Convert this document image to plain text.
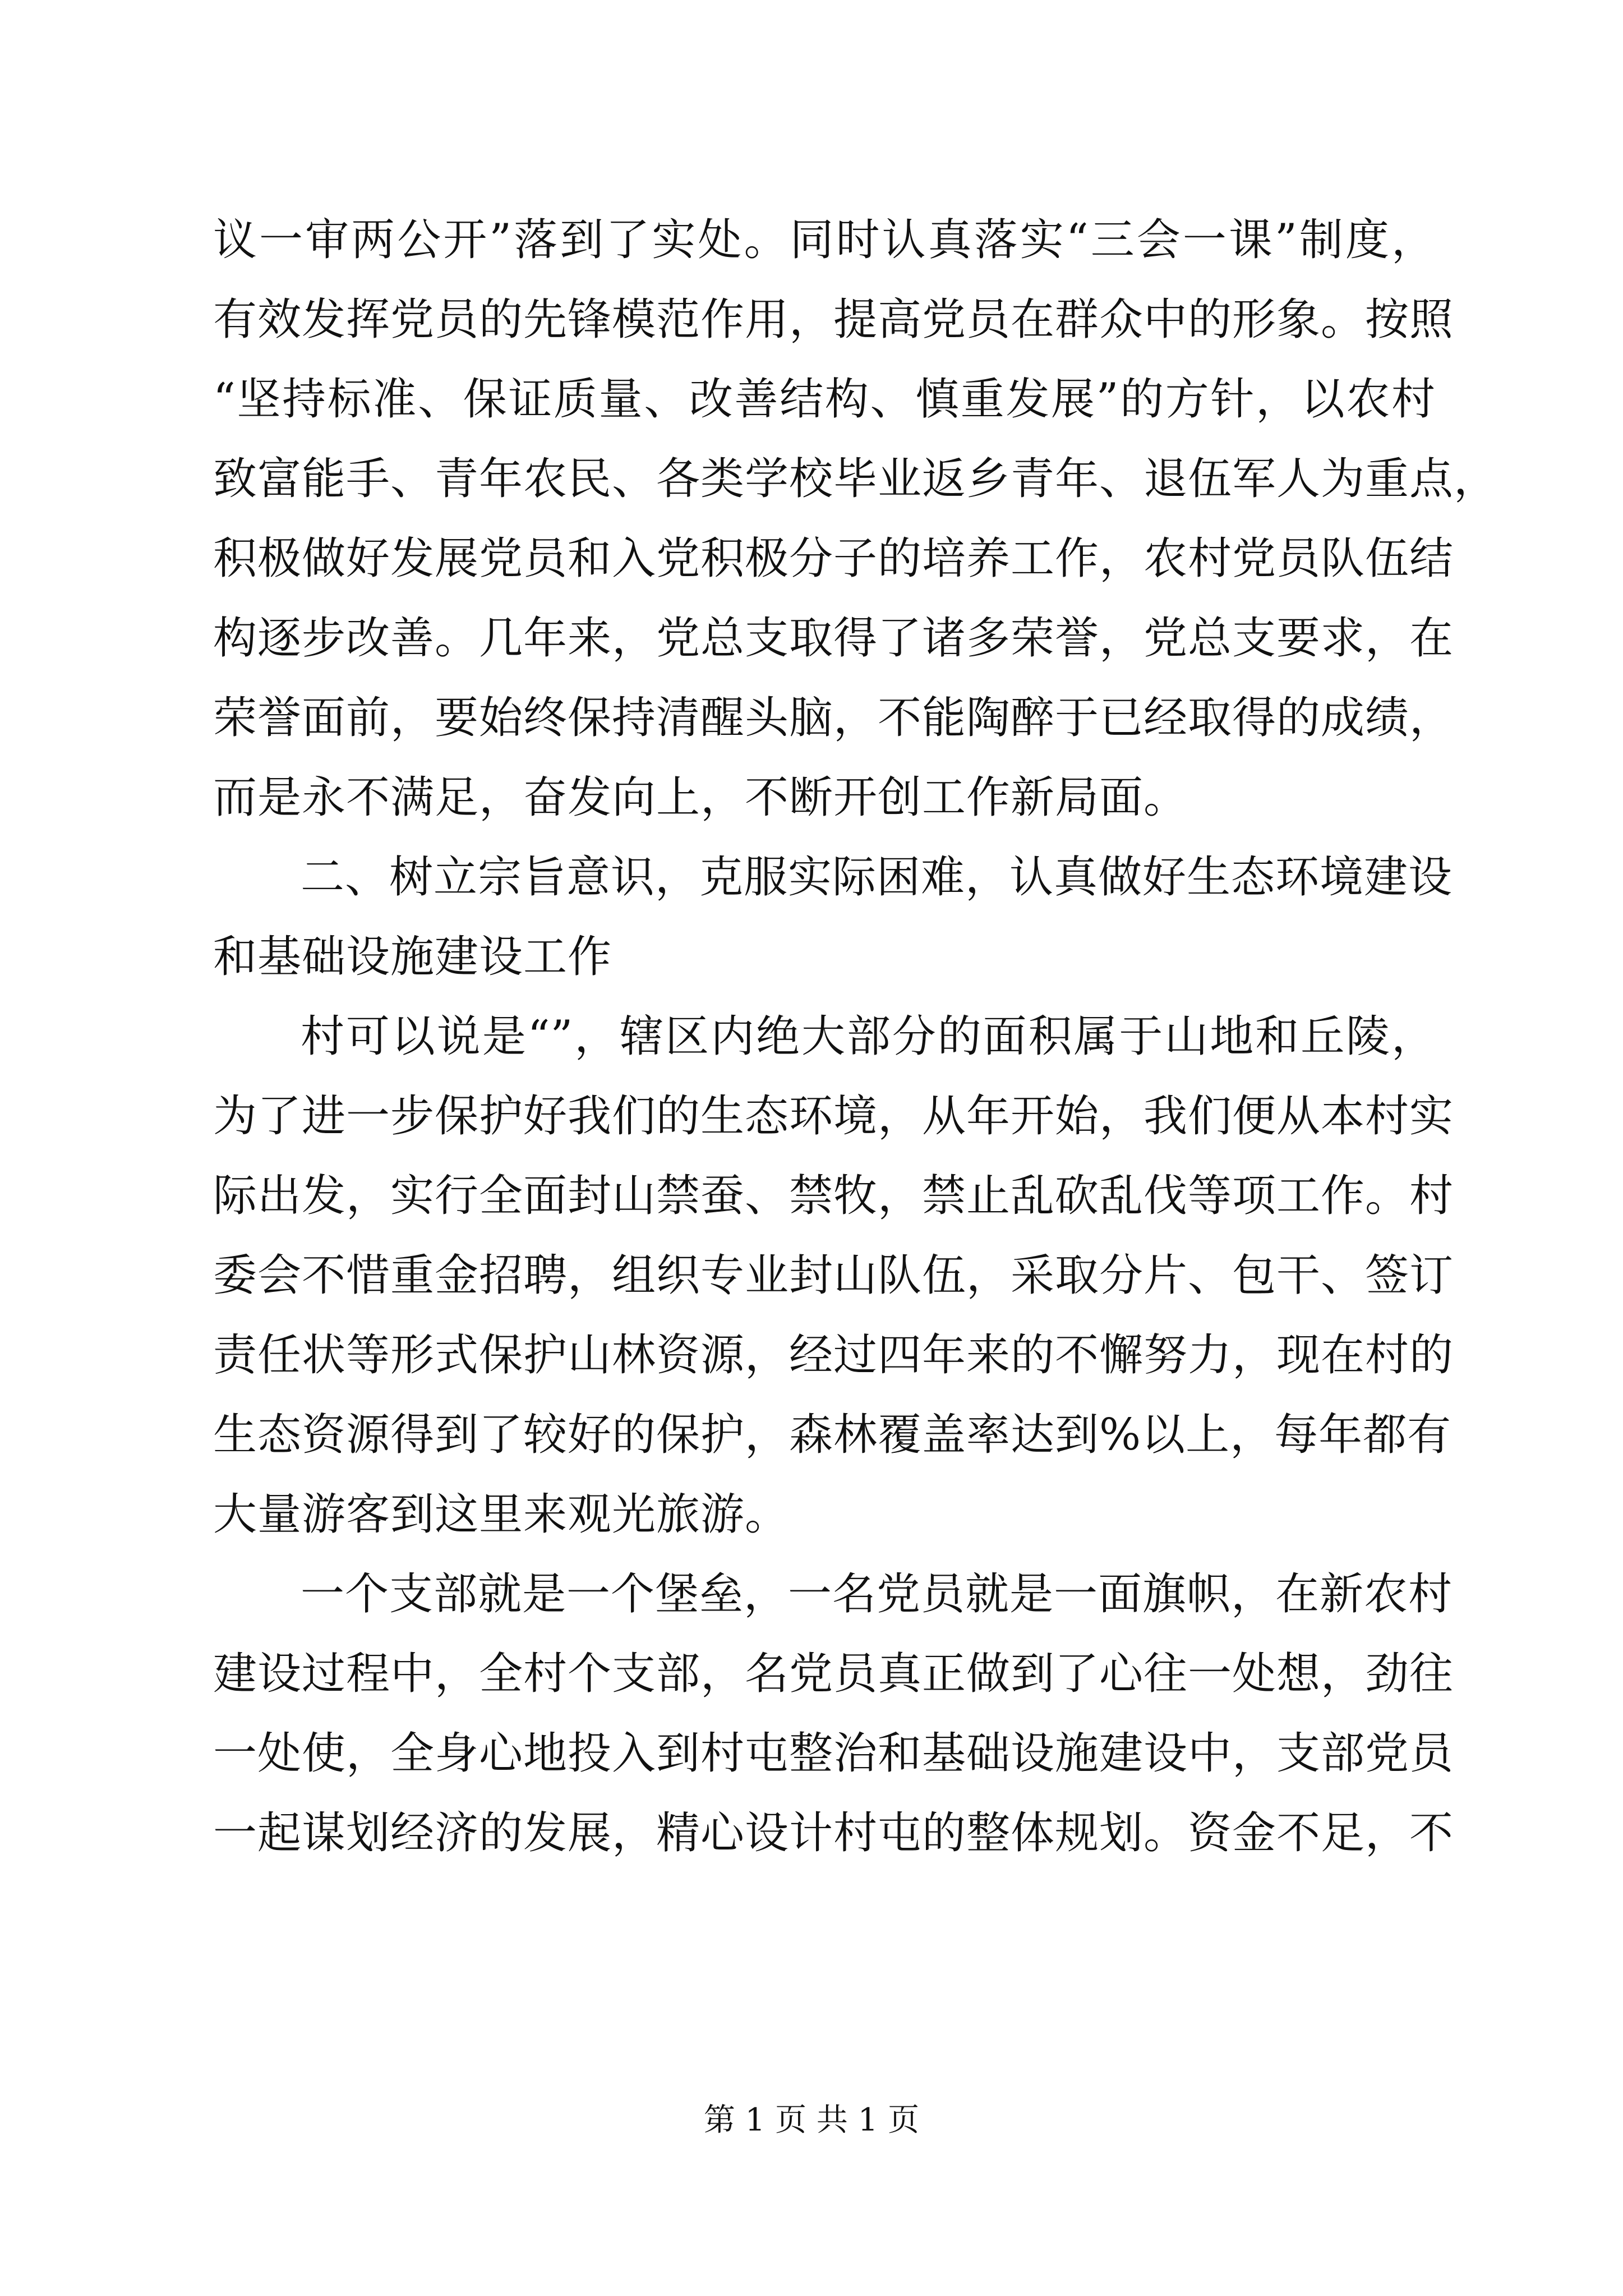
议一审两公开”落到了实处。同时认真落实“三会一课”制度，

有效发挥党员的先锋模范作用，提高党员在群众中的形象。按照

“坚持标准、保证质量、改善结构、慎重发展”的方针，以农村

致富能手、青年农民、各类学校毕业返乡青年、退伍军人为重点，

积极做好发展党员和入党积极分子的培养工作，农村党员队伍结

构逐步改善。几年来，党总支取得了诸多荣誉，党总支要求，在

荣誉面前，要始终保持清醒头脑，不能陶醉于已经取得的成绩，

而是永不满足，奋发向上，不断开创工作新局面。

二、树立宗旨意识，克服实际困难，认真做好生态环境建设

和基础设施建设工作

村可以说是“”，辖区内绝大部分的面积属于山地和丘陵，

为了进一步保护好我们的生态环境，从年开始，我们便从本村实

际出发，实行全面封山禁蚕、禁牧，禁止乱砍乱伐等项工作。村

委会不惜重金招聘，组织专业封山队伍，采取分片、包干、签订

责任状等形式保护山林资源，经过四年来的不懈努力，现在村的

生态资源得到了较好的保护，森林覆盖率达到%以上，每年都有

大量游客到这里来观光旅游。

一个支部就是一个堡垒，一名党员就是一面旗帜，在新农村

建设过程中，全村个支部，名党员真正做到了心往一处想，劲往

一处使，全身心地投入到村屯整治和基础设施建设中，支部党员

一起谋划经济的发展，精心设计村屯的整体规划。资金不足，不

第 1 页 共 1 页
